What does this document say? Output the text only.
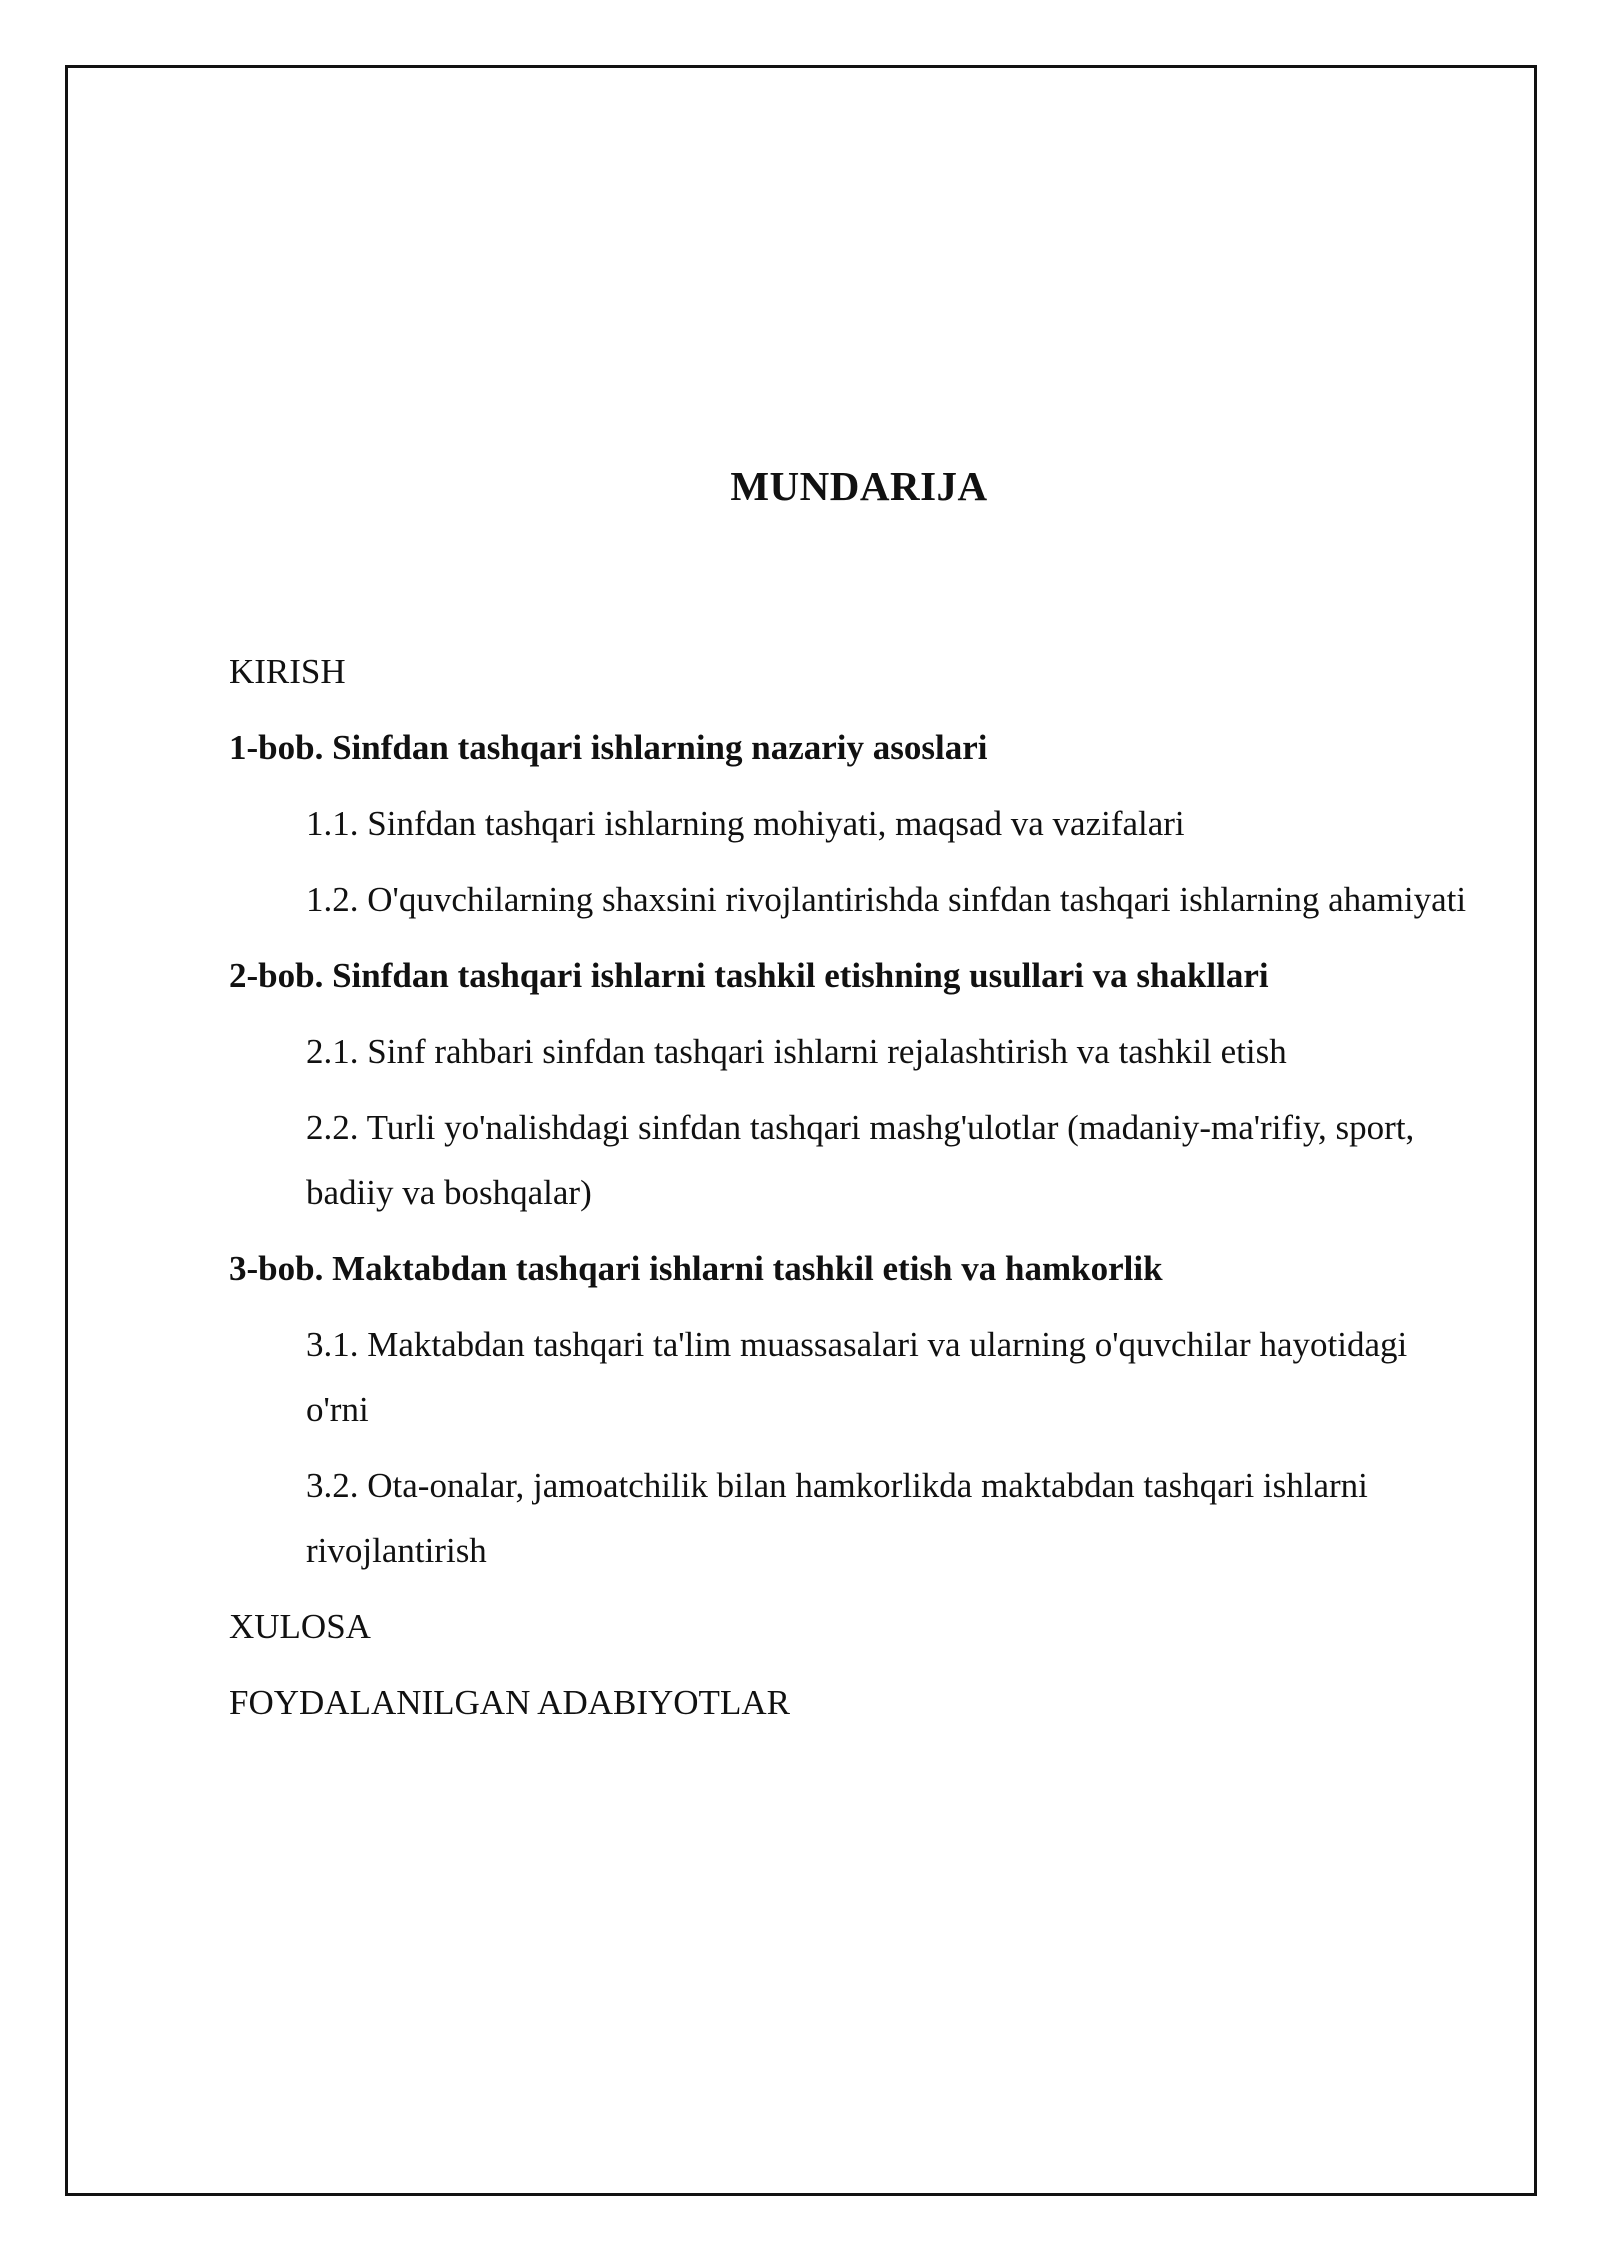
MUNDARIJA
KIRISH
1-bob. Sinfdan tashqari ishlarning nazariy asoslari
1.1. Sinfdan tashqari ishlarning mohiyati, maqsad va vazifalari
1.2. O'quvchilarning shaxsini rivojlantirishda sinfdan tashqari ishlarning ahamiyati
2-bob. Sinfdan tashqari ishlarni tashkil etishning usullari va shakllari
2.1. Sinf rahbari sinfdan tashqari ishlarni rejalashtirish va tashkil etish
2.2. Turli yo'nalishdagi sinfdan tashqari mashg'ulotlar (madaniy-ma'rifiy, sport, badiiy va boshqalar)
3-bob. Maktabdan tashqari ishlarni tashkil etish va hamkorlik
3.1. Maktabdan tashqari ta'lim muassasalari va ularning o'quvchilar hayotidagi o'rni
3.2. Ota-onalar, jamoatchilik bilan hamkorlikda maktabdan tashqari ishlarni rivojlantirish
XULOSA
FOYDALANILGAN ADABIYOTLAR
